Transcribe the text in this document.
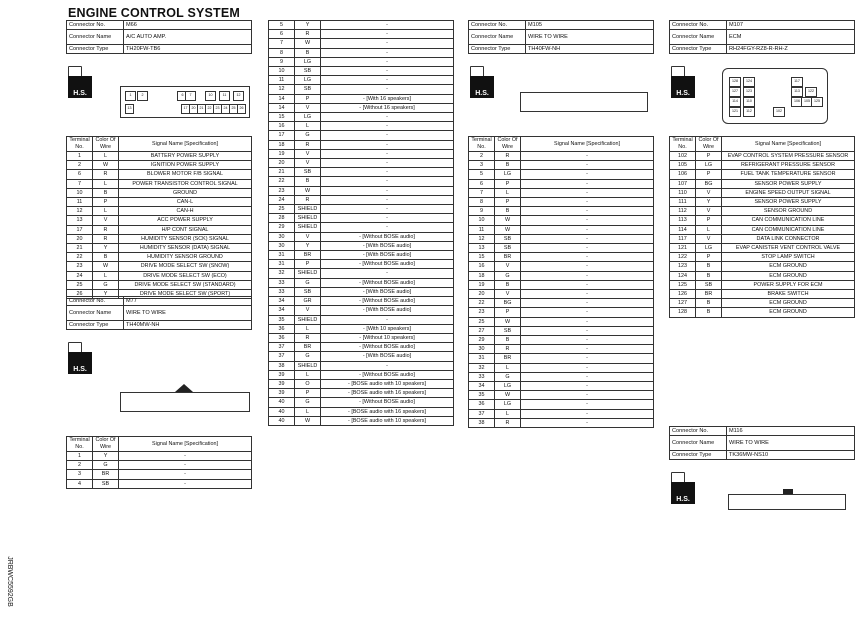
ENGINE CONTROL SYSTEM
JRBWC5592GB
Connector No.	M66
Connector Name	A/C AUTO AMP.
Connector Type	TH20FW-TB6
H.S.	1	2	6	7	10	11	12
13	17	20	21	22	23	24	25	26
Terminal No.	Color Of Wire	Signal Name [Specification]
1	L	BATTERY POWER SUPPLY
2	W	IGNITION POWER SUPPLY
6	R	BLOWER MOTOR F/B SIGNAL
7	L	POWER TRANSISTOR CONTROL SIGNAL
10	B	GROUND
11	P	CAN-L
12	L	CAN-H
13	V	ACC POWER SUPPLY
17	R	H/P CONT SIGNAL
20	R	HUMIDITY SENSOR (SCK) SIGNAL
21	Y	HUMIDITY SENSOR (DATA) SIGNAL
22	B	HUMIDITY SENSOR GROUND
23	W	DRIVE MODE SELECT SW (SNOW)
24	L	DRIVE MODE SELECT SW (ECO)
25	G	DRIVE MODE SELECT SW (STANDARD)
26	Y	DRIVE MODE SELECT SW (SPORT)
Connector No.	M77
Connector Name	WIRE TO WIRE
Connector Type	TH40MW-NH
H.S.
Terminal No.	Color Of Wire	Signal Name [Specification]
1	Y	-
2	G	-
3	BR	-
4	SB	-
5	Y	-
6	R	-
7	W	-
8	B	-
9	LG	-
10	SB	-
11	LG	-
12	SB	-
14	P	- [With 16 speakers]
14	V	- [Without 16 speakers]
15	LG	-
16	L	-
17	G	-
18	R	-
19	V	-
20	V	-
21	SB	-
22	B	-
23	W	-
24	R	-
25	SHIELD	-
28	SHIELD	-
29	SHIELD	-
30	V	- [Without BOSE audio]
30	Y	- [With BOSE audio]
31	BR	- [With BOSE audio]
31	P	- [Without BOSE audio]
32	SHIELD	-
33	G	- [Without BOSE audio]
33	SB	- [With BOSE audio]
34	GR	- [Without BOSE audio]
34	V	- [With BOSE audio]
35	SHIELD	-
36	L	- [With 10 speakers]
36	R	- [Without 10 speakers]
37	BR	- [Without BOSE audio]
37	G	- [With BOSE audio]
38	SHIELD	-
39	L	- [Without BOSE audio]
39	O	- [BOSE audio with 10 speakers]
39	P	- [BOSE audio with 16 speakers]
40	G	- [Without BOSE audio]
40	L	- [BOSE audio with 16 speakers]
40	W	- [BOSE audio with 10 speakers]
Connector No.	M105
Connector Name	WIRE TO WIRE
Connector Type	TH40FW-NH
H.S.
Terminal No.	Color Of Wire	Signal Name [Specification]
2	R	-
3	B	-
5	LG	-
6	P	-
7	L	-
8	P	-
9	B	-
10	W	-
11	W	-
12	SB	-
13	SB	-
15	BR	-
16	V	-
18	G	-
19	B	-
20	V	-
22	BG	-
23	P	-
25	W	-
27	SB	-
29	B	-
30	R	-
31	BR	-
32	L	-
33	G	-
34	LG	-
35	W	-
36	LG	-
37	L	-
38	R	-
Connector No.	M107
Connector Name	ECM
Connector Type	RH24FGY-RZ8-R-RH-Z
H.S.
128	124	117
127	123	113	122
114	110	106	105	125
121	112	102
Terminal No.	Color Of Wire	Signal Name [Specification]
102	P	EVAP CONTROL SYSTEM PRESSURE SENSOR
105	LG	REFRIGERANT PRESSURE SENSOR
106	P	FUEL TANK TEMPERATURE SENSOR
107	BG	SENSOR POWER SUPPLY
110	V	ENGINE SPEED OUTPUT SIGNAL
111	Y	SENSOR POWER SUPPLY
112	V	SENSOR GROUND
113	P	CAN COMMUNICATION LINE
114	L	CAN COMMUNICATION LINE
117	V	DATA LINK CONNECTOR
121	LG	EVAP CANISTER VENT CONTROL VALVE
122	P	STOP LAMP SWITCH
123	B	ECM GROUND
124	B	ECM GROUND
125	SB	POWER SUPPLY FOR ECM
126	BR	BRAKE SWITCH
127	B	ECM GROUND
128	B	ECM GROUND
Connector No.	M116
Connector Name	WIRE TO WIRE
Connector Type	TK36MW-NS10
H.S.
